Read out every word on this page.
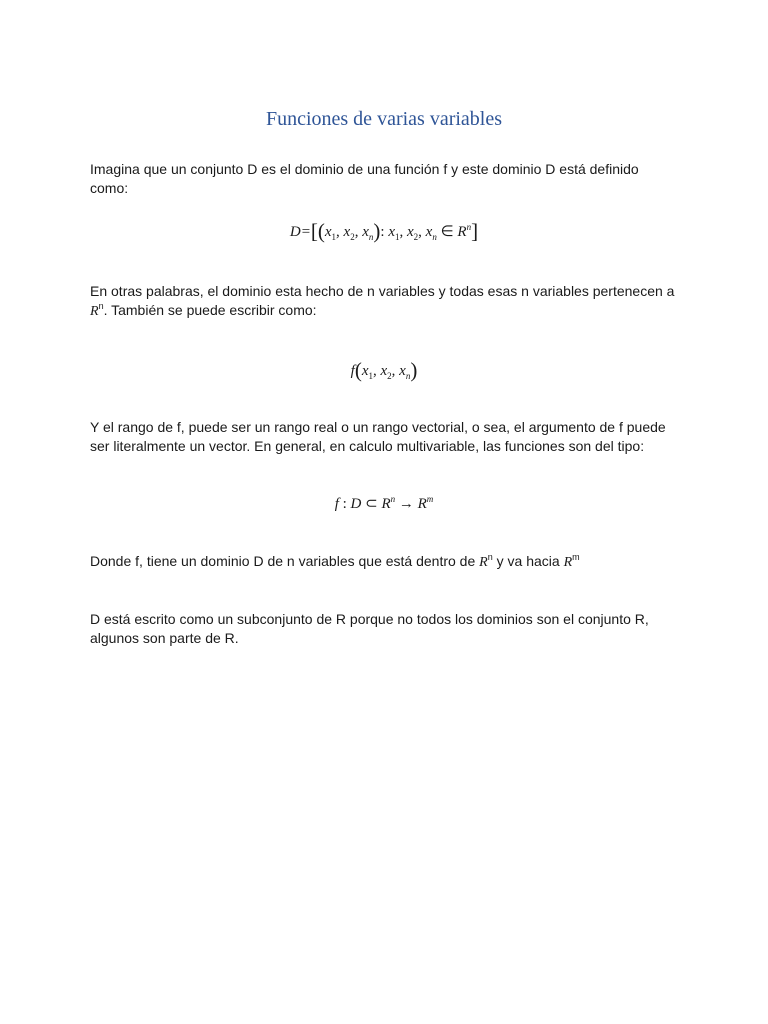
Funciones de varias variables
Imagina que un conjunto D es el dominio de una función f y este dominio D está definido como:
$D=[(x_1$, $x_2$, $x_n$): $x_1$, $x_2$, $x_n$ ∈ $R^n$]
En otras palabras, el dominio esta hecho de n variables y todas esas n variables pertenecen a
$R^n$. También se puede escribir como:
$f(x_1$, $x_2$, $x_n$)
Y el rango de f, puede ser un rango real o un rango vectorial, o sea, el argumento de f puede ser literalmente un vector. En general, en calculo multivariable, las funciones son del tipo:
f : D ⊂ $R^n \to R^m$
Donde f, tiene un dominio D de n variables que está dentro de $R^n$ y va hacia $R^m$
D está escrito como un subconjunto de R porque no todos los dominios son el conjunto R, algunos son parte de R.
